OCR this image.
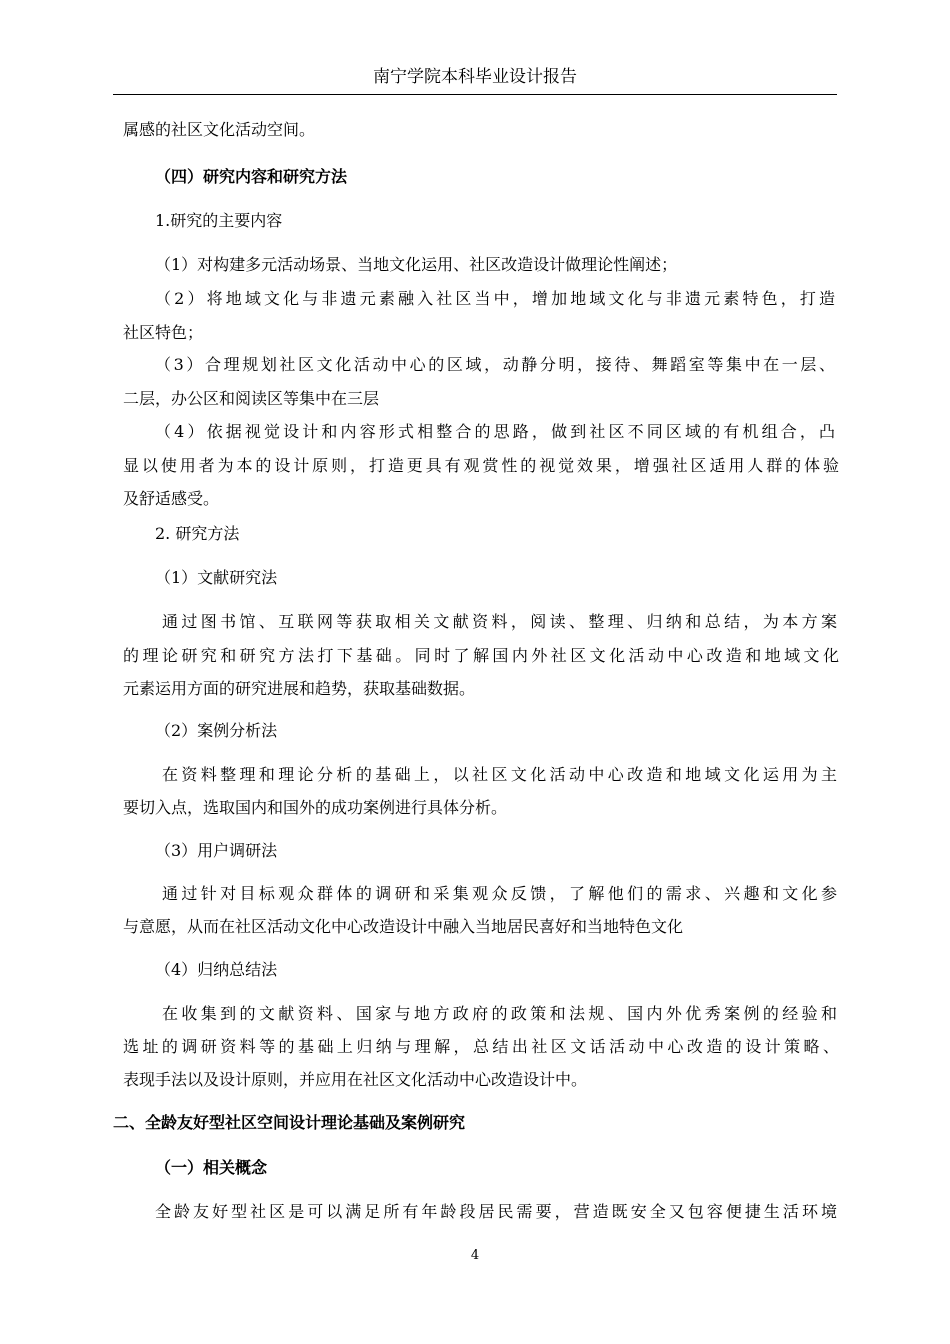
南宁学院本科毕业设计报告
属感的社区文化活动空间。
（四）研究内容和研究方法
1.研究的主要内容
（1）对构建多元活动场景、当地文化运用、社区改造设计做理论性阐述；
（2）将地域文化与非遗元素融入社区当中，增加地域文化与非遗元素特色，打造
社区特色；
（3）合理规划社区文化活动中心的区域，动静分明，接待、舞蹈室等集中在一层、
二层，办公区和阅读区等集中在三层
（4）依据视觉设计和内容形式相整合的思路，做到社区不同区域的有机组合，凸
显以使用者为本的设计原则，打造更具有观赏性的视觉效果，增强社区适用人群的体验
及舒适感受。
2. 研究方法
（1）文献研究法
通过图书馆、互联网等获取相关文献资料，阅读、整理、归纳和总结，为本方案
的理论研究和研究方法打下基础。同时了解国内外社区文化活动中心改造和地域文化
元素运用方面的研究进展和趋势，获取基础数据。
（2）案例分析法
在资料整理和理论分析的基础上，以社区文化活动中心改造和地域文化运用为主
要切入点，选取国内和国外的成功案例进行具体分析。
（3）用户调研法
通过针对目标观众群体的调研和采集观众反馈，了解他们的需求、兴趣和文化参
与意愿，从而在社区活动文化中心改造设计中融入当地居民喜好和当地特色文化
（4）归纳总结法
在收集到的文献资料、国家与地方政府的政策和法规、国内外优秀案例的经验和
选址的调研资料等的基础上归纳与理解，总结出社区文话活动中心改造的设计策略、
表现手法以及设计原则，并应用在社区文化活动中心改造设计中。
二、全龄友好型社区空间设计理论基础及案例研究
（一）相关概念
全龄友好型社区是可以满足所有年龄段居民需要，营造既安全又包容便捷生活环境
4
